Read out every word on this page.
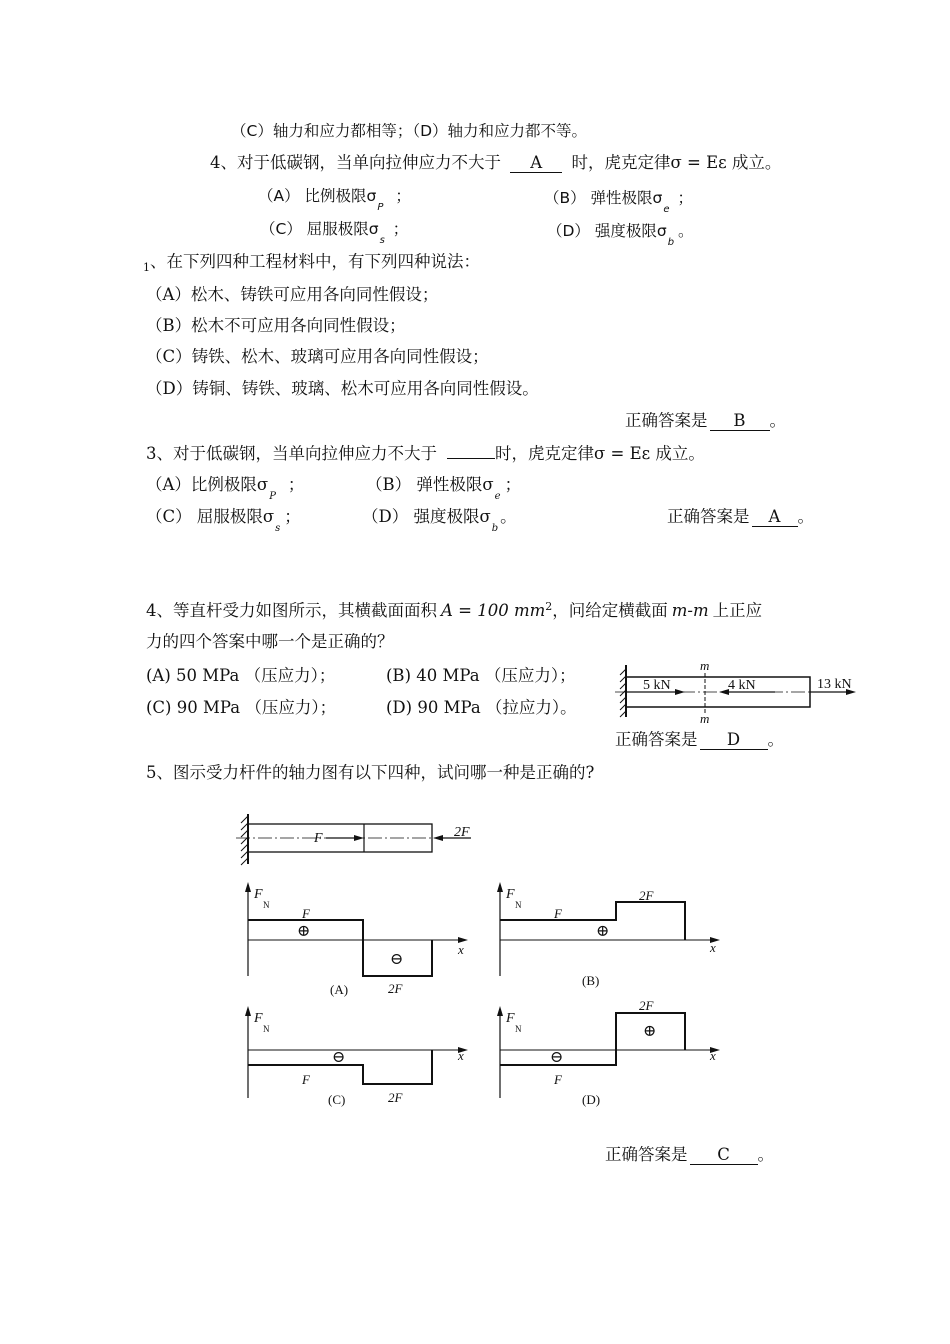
（C）轴力和应力都相等；（D）轴力和应力都不等。
4、对于低碳钢，当单向拉伸应力不大于 A 时，虎克定律σ = Eε 成立。
（A） 比例极限$\sigma_P$；	（B） 弹性极限$\sigma_e$；
（C） 屈服极限$\sigma_s$；	（D） 强度极限$\sigma_b$。
$_1$、在下列四种工程材料中，有下列四种说法：
（A）松木、铸铁可应用各向同性假设；
（B）松木不可应用各向同性假设；
（C）铸铁、松木、玻璃可应用各向同性假设；
（D）铸铜、铸铁、玻璃、松木可应用各向同性假设。
正确答案是 B 。
3、对于低碳钢，当单向拉伸应力不大于	时，虎克定律σ = Eε 成立。
（A）比例极限$\sigma_P$；	（B） 弹性极限$\sigma_e$；
（C） 屈服极限$\sigma_s$；	（D） 强度极限$\sigma_b$。	正确答案是 A 。
4、等直杆受力如图所示，其横截面面积 A = 100 $mm^2$，问给定横截面 m-m 上正应
力的四个答案中哪一个是正确的？
(A) 50 MPa （压应力）；	(B) 40 MPa （压应力）；
(C) 90 MPa （压应力）；	(D) 90 MPa （拉应力）。
正确答案是 D 。
m
m
5 kN	4 kN	13 kN
5、图示受力杆件的轴力图有以下四种，试问哪一种是正确的?
F	2F
F
N
x
F
⊕
⊖
2F
(A)
F
N
x
F
2F
⊕
(B)
F
N
x
⊖
F
2F
(C)
F
N
x
2F
⊕
⊖
F
(D)
正确答案是 C 。
